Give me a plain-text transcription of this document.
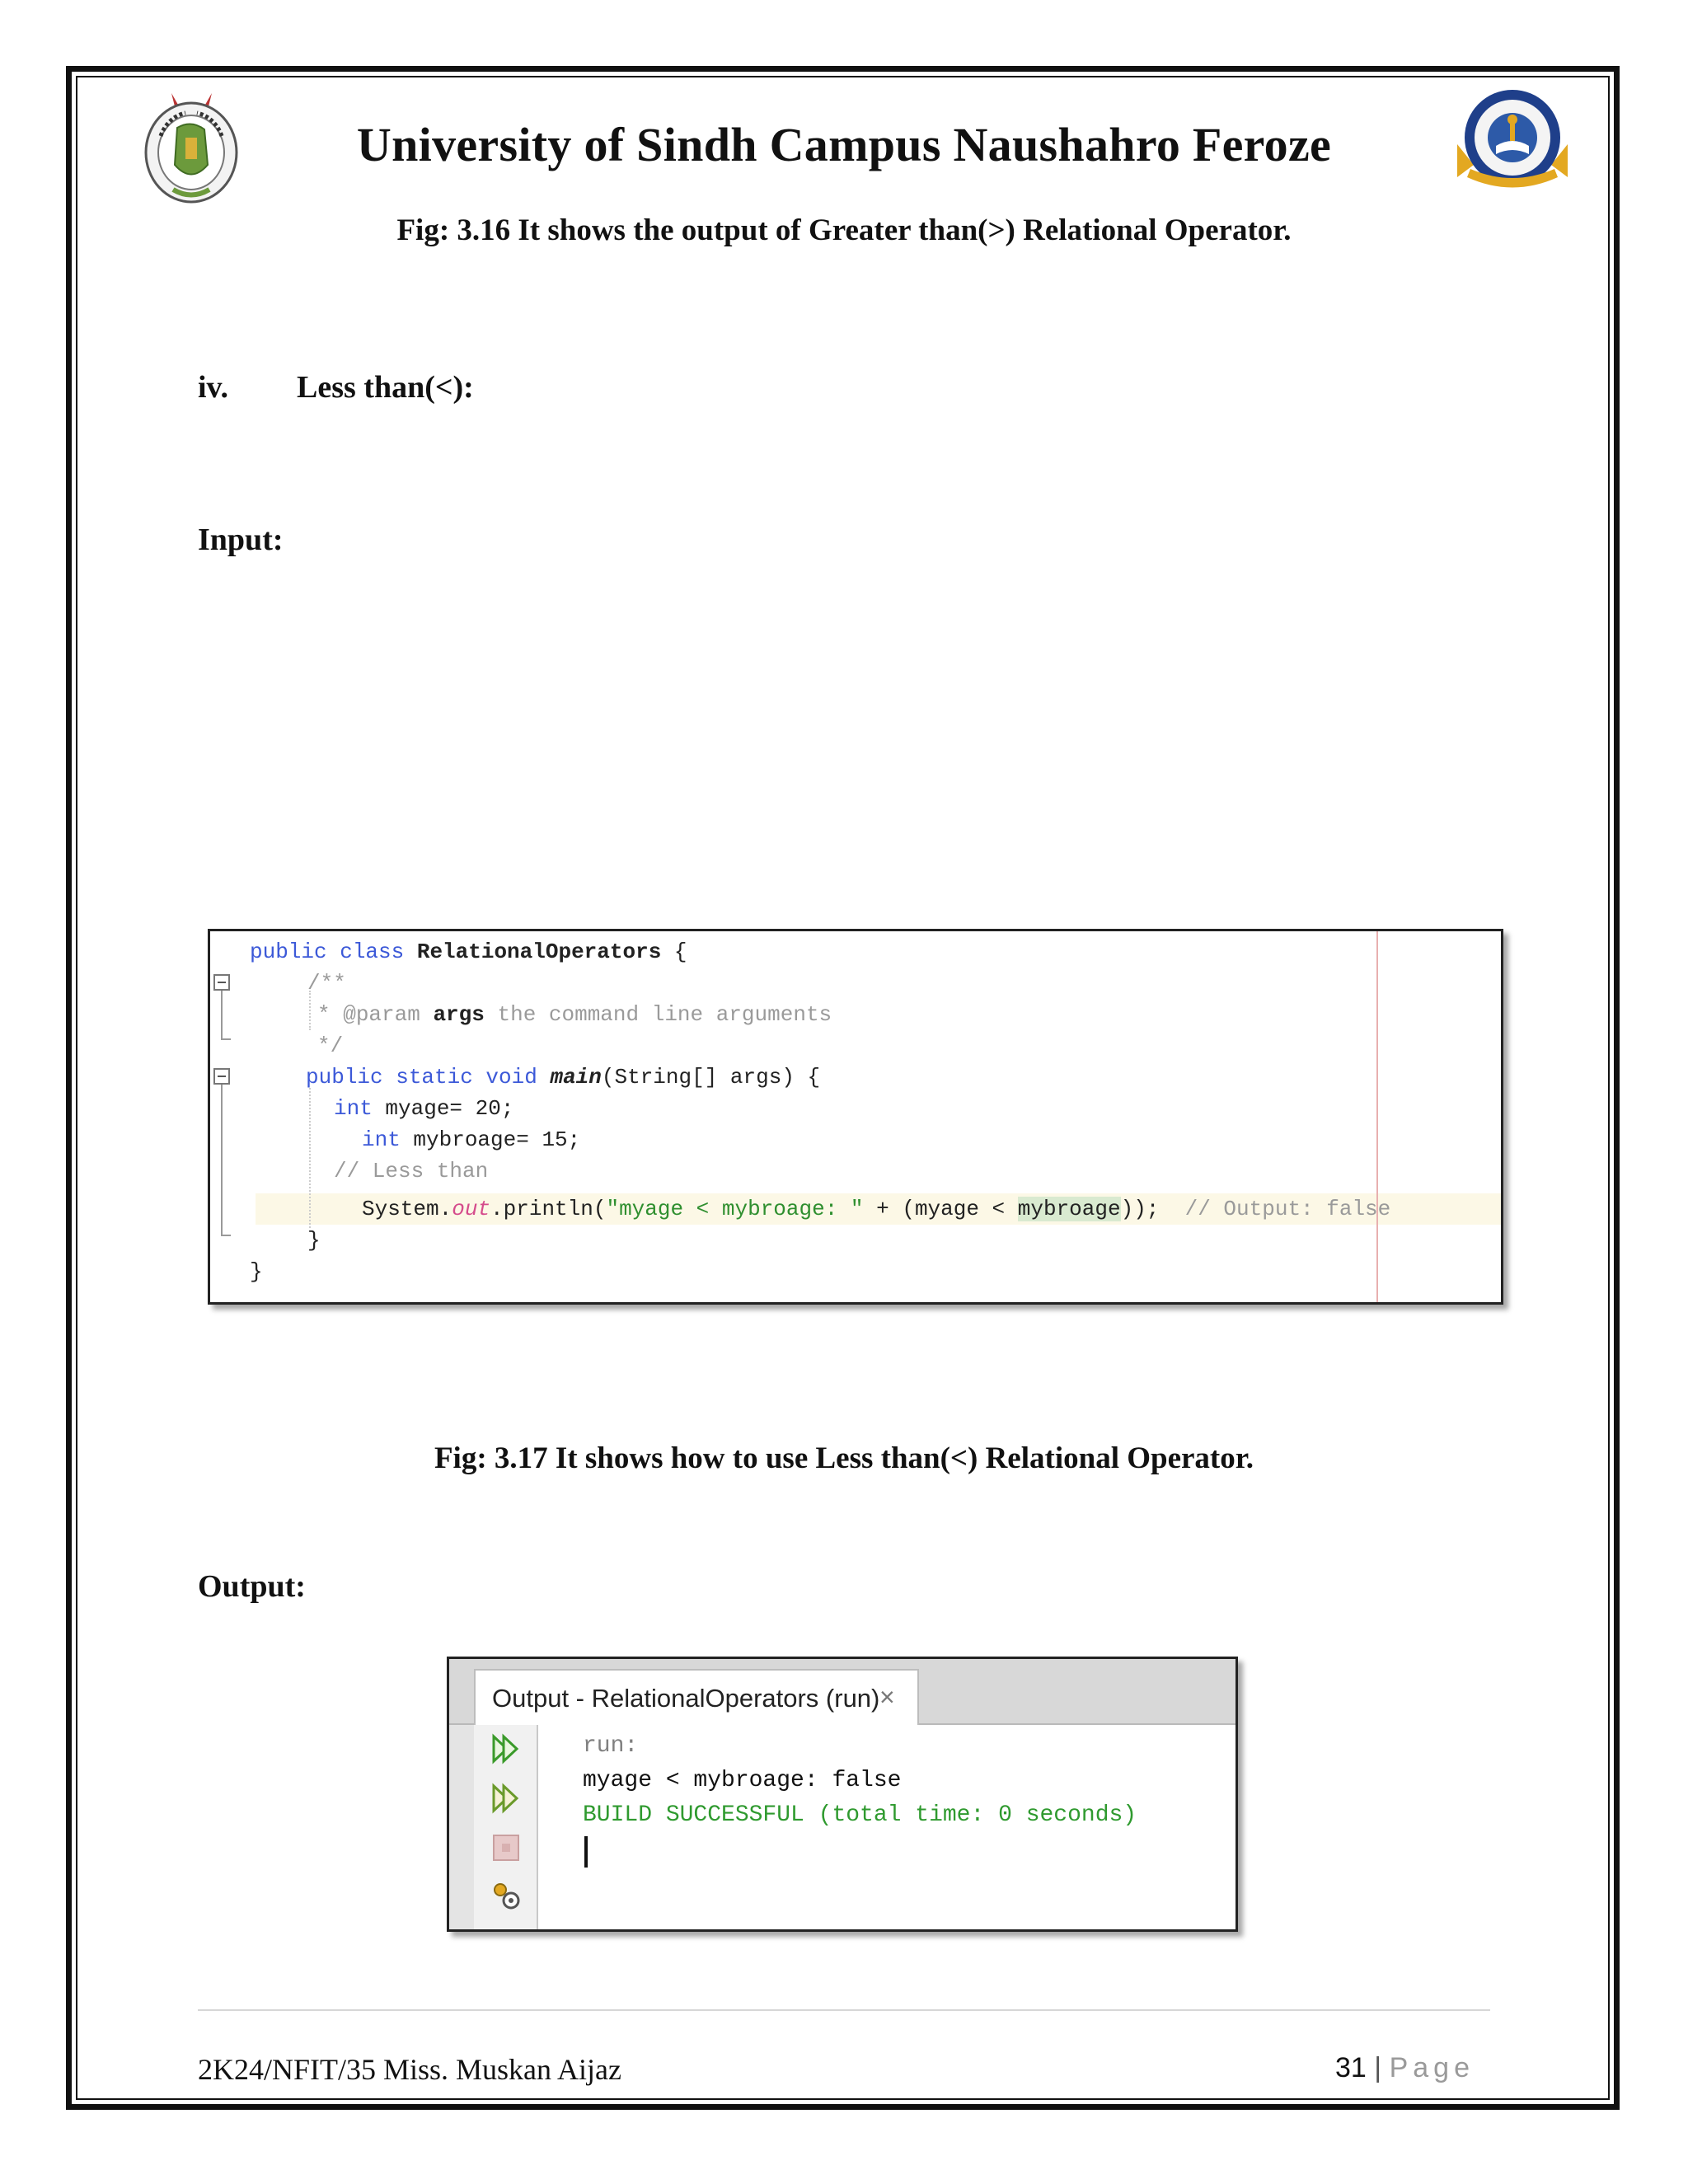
University of Sindh Campus Naushahro Feroze
Fig: 3.16 It shows the output of Greater than(>) Relational Operator.
iv. Less than(<):
Input:
public class RelationalOperators {
/**
* @param args the command line arguments
*/
public static void main(String[] args) {
int myage= 20;
int mybroage= 15;
// Less than
System.out.println("myage < mybroage: " + (myage < mybroage)); // Output: false
}
}
Fig: 3.17 It shows how to use Less than(<) Relational Operator.
Output:
Output - RelationalOperators (run) ×
run:
myage < mybroage: false
BUILD SUCCESSFUL (total time: 0 seconds)
2K24/NFIT/35 Miss. Muskan Aijaz	31 | Page
